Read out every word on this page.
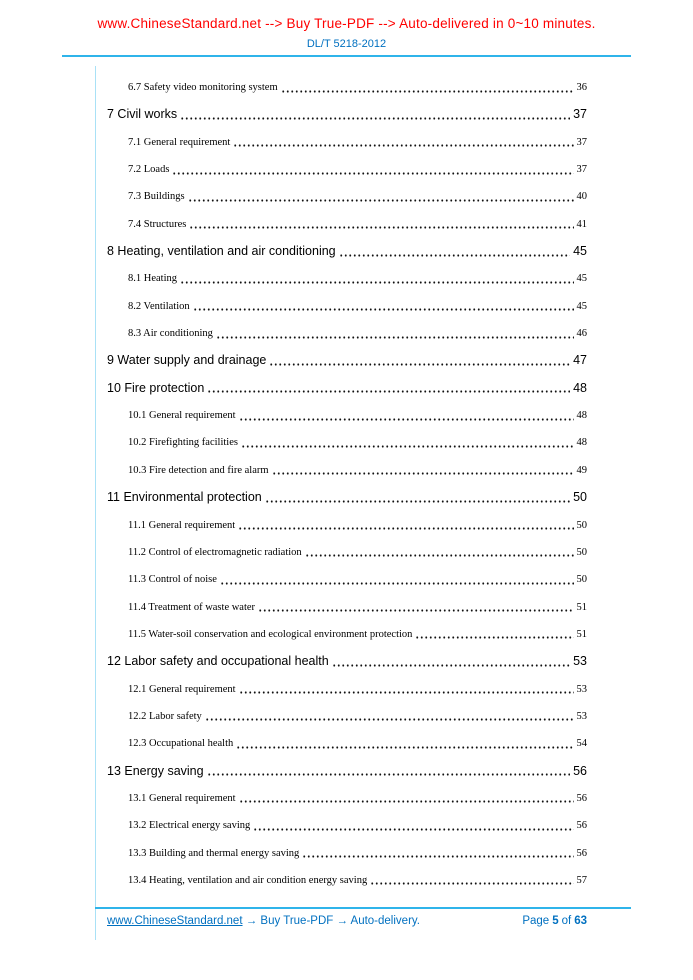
www.ChineseStandard.net --> Buy True-PDF --> Auto-delivered in 0~10 minutes.
DL/T 5218-2012
6.7 Safety video monitoring system	36
7 Civil works	37
7.1 General requirement	37
7.2 Loads	37
7.3 Buildings	40
7.4 Structures	41
8 Heating, ventilation and air conditioning	45
8.1 Heating	45
8.2 Ventilation	45
8.3 Air conditioning	46
9 Water supply and drainage	47
10 Fire protection	48
10.1 General requirement	48
10.2 Firefighting facilities	48
10.3 Fire detection and fire alarm	49
11 Environmental protection	50
11.1 General requirement	50
11.2 Control of electromagnetic radiation	50
11.3 Control of noise	50
11.4 Treatment of waste water	51
11.5 Water-soil conservation and ecological environment protection	51
12 Labor safety and occupational health	53
12.1 General requirement	53
12.2 Labor safety	53
12.3 Occupational health	54
13 Energy saving	56
13.1 General requirement	56
13.2 Electrical energy saving	56
13.3 Building and thermal energy saving	56
13.4 Heating, ventilation and air condition energy saving	57
www.ChineseStandard.net → Buy True-PDF → Auto-delivery.	Page 5 of 63
